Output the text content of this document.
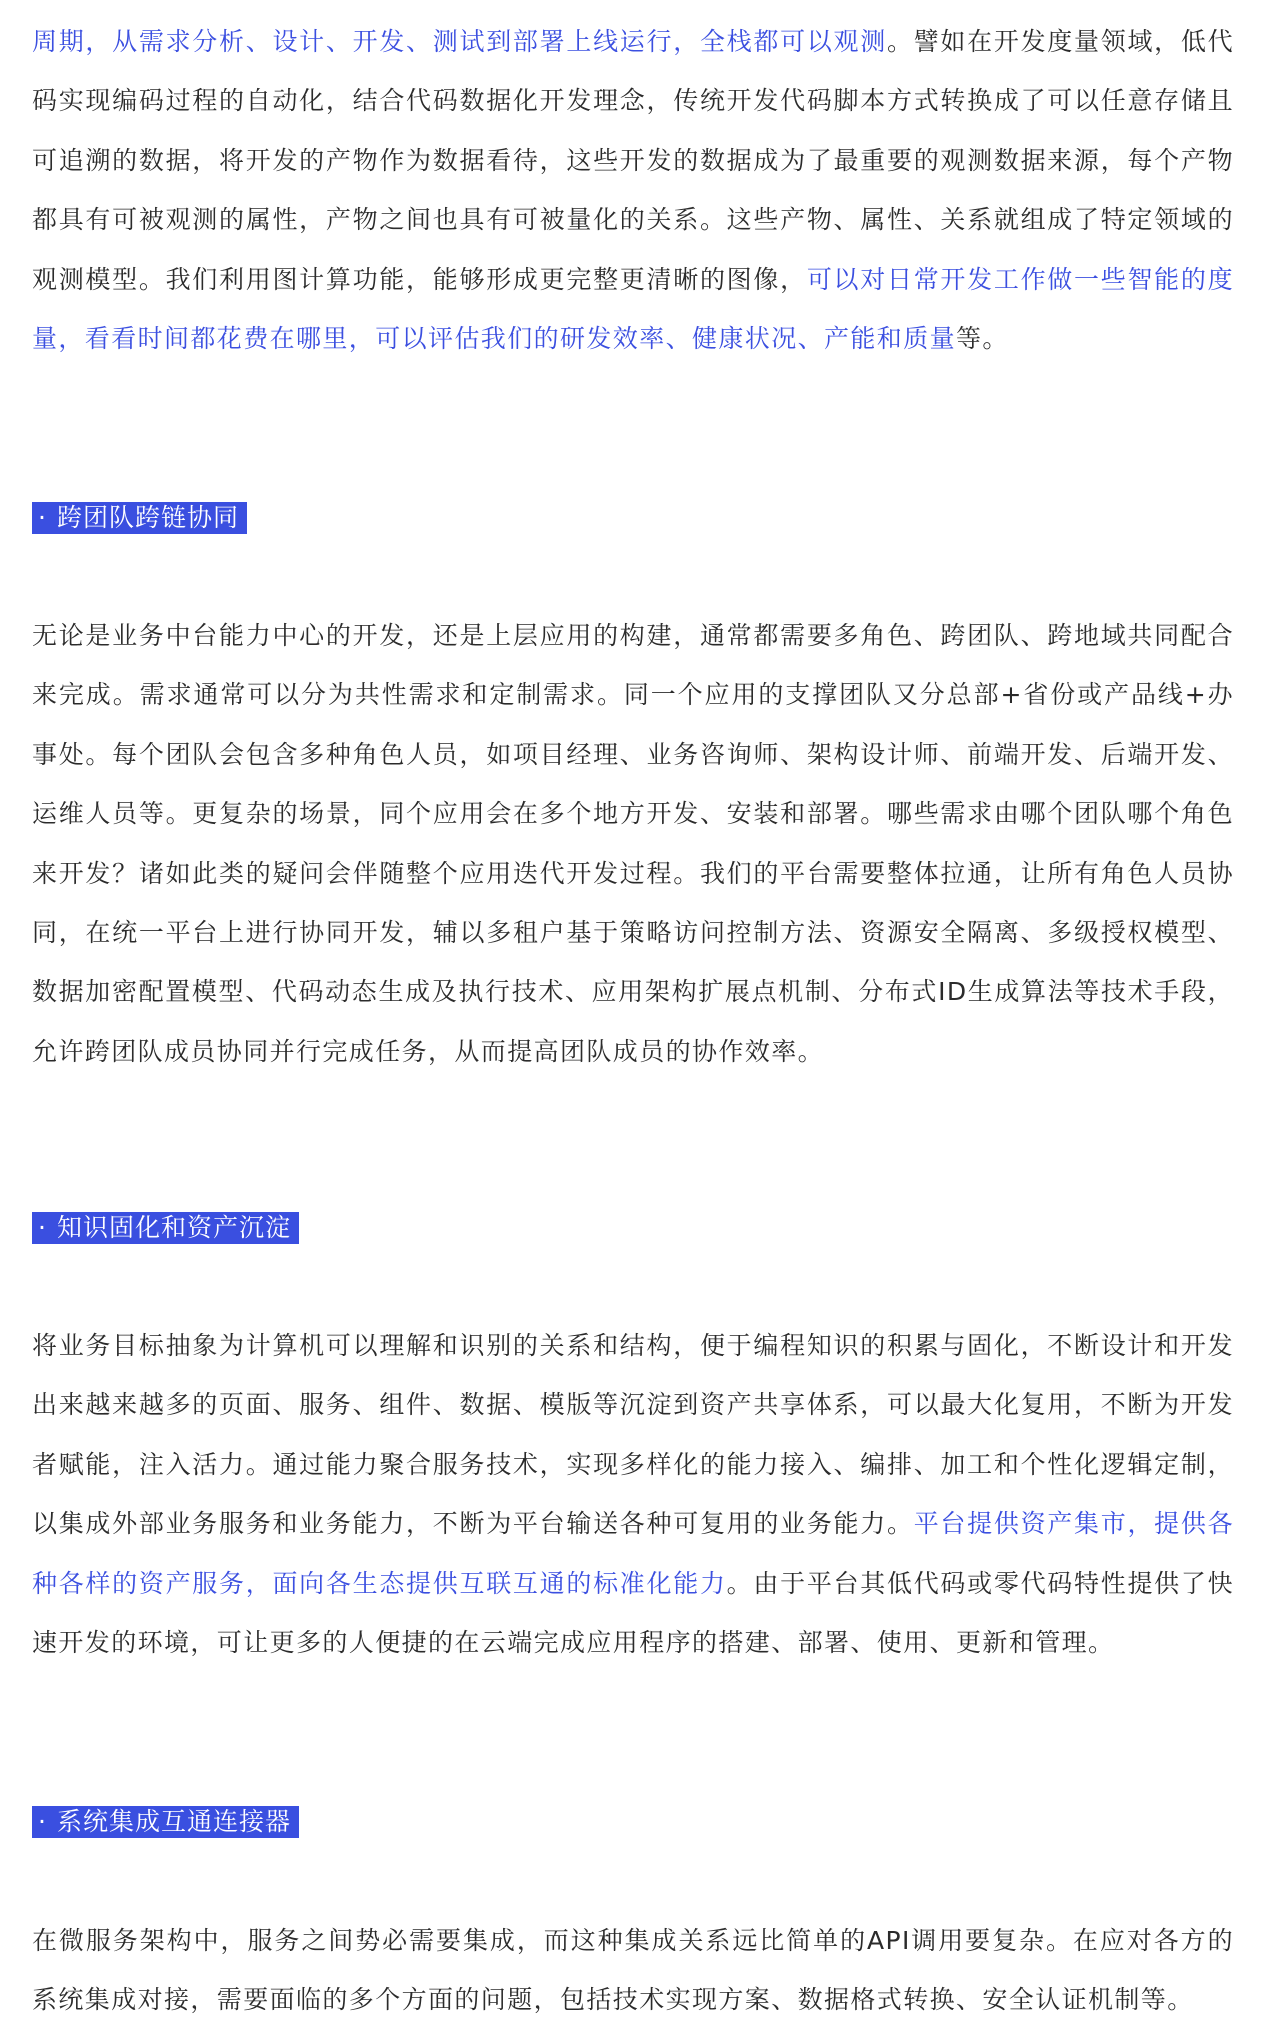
周期，从需求分析、设计、开发、测试到部署上线运行，全栈都可以观测。譬如在开发度量领域，低代码实现编码过程的自动化，结合代码数据化开发理念，传统开发代码脚本方式转换成了可以任意存储且可追溯的数据，将开发的产物作为数据看待，这些开发的数据成为了最重要的观测数据来源，每个产物都具有可被观测的属性，产物之间也具有可被量化的关系。这些产物、属性、关系就组成了特定领域的观测模型。我们利用图计算功能，能够形成更完整更清晰的图像，可以对日常开发工作做一些智能的度量，看看时间都花费在哪里，可以评估我们的研发效率、健康状况、产能和质量等。

· 跨团队跨链协同

无论是业务中台能力中心的开发，还是上层应用的构建，通常都需要多角色、跨团队、跨地域共同配合来完成。需求通常可以分为共性需求和定制需求。同一个应用的支撑团队又分总部+省份或产品线+办事处。每个团队会包含多种角色人员，如项目经理、业务咨询师、架构设计师、前端开发、后端开发、运维人员等。更复杂的场景，同个应用会在多个地方开发、安装和部署。哪些需求由哪个团队哪个角色来开发？诸如此类的疑问会伴随整个应用迭代开发过程。我们的平台需要整体拉通，让所有角色人员协同，在统一平台上进行协同开发，辅以多租户基于策略访问控制方法、资源安全隔离、多级授权模型、数据加密配置模型、代码动态生成及执行技术、应用架构扩展点机制、分布式ID生成算法等技术手段，允许跨团队成员协同并行完成任务，从而提高团队成员的协作效率。

· 知识固化和资产沉淀

将业务目标抽象为计算机可以理解和识别的关系和结构，便于编程知识的积累与固化，不断设计和开发出来越来越多的页面、服务、组件、数据、模版等沉淀到资产共享体系，可以最大化复用，不断为开发者赋能，注入活力。通过能力聚合服务技术，实现多样化的能力接入、编排、加工和个性化逻辑定制，以集成外部业务服务和业务能力，不断为平台输送各种可复用的业务能力。平台提供资产集市，提供各种各样的资产服务，面向各生态提供互联互通的标准化能力。由于平台其低代码或零代码特性提供了快速开发的环境，可让更多的人便捷的在云端完成应用程序的搭建、部署、使用、更新和管理。

· 系统集成互通连接器

在微服务架构中，服务之间势必需要集成，而这种集成关系远比简单的API调用要复杂。在应对各方的系统集成对接，需要面临的多个方面的问题，包括技术实现方案、数据格式转换、安全认证机制等。
